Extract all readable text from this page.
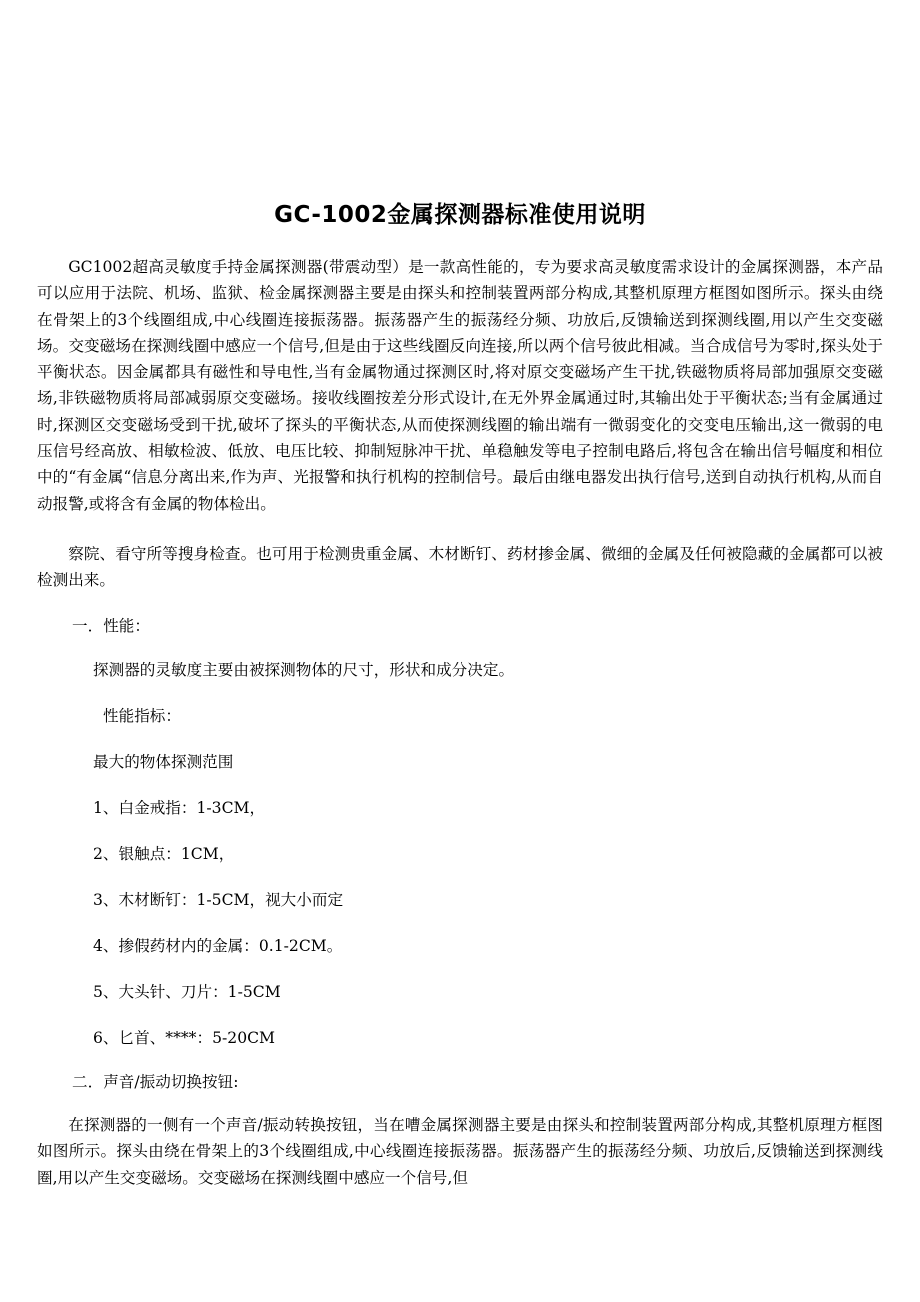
GC-1002金属探测器标准使用说明

GC1002超高灵敏度手持金属探测器(带震动型）是一款高性能的，专为要求高灵敏度需求设计的金属探测器，本产品可以应用于法院、机场、监狱、检金属探测器主要是由探头和控制装置两部分构成,其整机原理方框图如图所示。探头由绕在骨架上的3个线圈组成,中心线圈连接振荡器。振荡器产生的振荡经分频、功放后,反馈输送到探测线圈,用以产生交变磁场。交变磁场在探测线圈中感应一个信号,但是由于这些线圈反向连接,所以两个信号彼此相减。当合成信号为零时,探头处于平衡状态。因金属都具有磁性和导电性,当有金属物通过探测区时,将对原交变磁场产生干扰,铁磁物质将局部加强原交变磁场,非铁磁物质将局部减弱原交变磁场。接收线圈按差分形式设计,在无外界金属通过时,其输出处于平衡状态;当有金属通过时,探测区交变磁场受到干扰,破坏了探头的平衡状态,从而使探测线圈的输出端有一微弱变化的交变电压输出,这一微弱的电压信号经高放、相敏检波、低放、电压比较、抑制短脉冲干扰、单稳触发等电子控制电路后,将包含在输出信号幅度和相位中的“有金属“信息分离出来,作为声、光报警和执行机构的控制信号。最后由继电器发出执行信号,送到自动执行机构,从而自动报警,或将含有金属的物体检出。

察院、看守所等搜身检查。也可用于检测贵重金属、木材断钉、药材掺金属、微细的金属及任何被隐藏的金属都可以被检测出来。

一．性能：

探测器的灵敏度主要由被探测物体的尺寸，形状和成分决定。

性能指标：

最大的物体探测范围

1、白金戒指：1-3CM，

2、银触点：1CM，

3、木材断钉：1-5CM，视大小而定

4、掺假药材内的金属：0.1-2CM。

5、大头针、刀片：1-5CM

6、匕首、****：5-20CM

二．声音/振动切换按钮:

在探测器的一侧有一个声音/振动转换按钮，当在嘈金属探测器主要是由探头和控制装置两部分构成,其整机原理方框图如图所示。探头由绕在骨架上的3个线圈组成,中心线圈连接振荡器。振荡器产生的振荡经分频、功放后,反馈输送到探测线圈,用以产生交变磁场。交变磁场在探测线圈中感应一个信号,但
